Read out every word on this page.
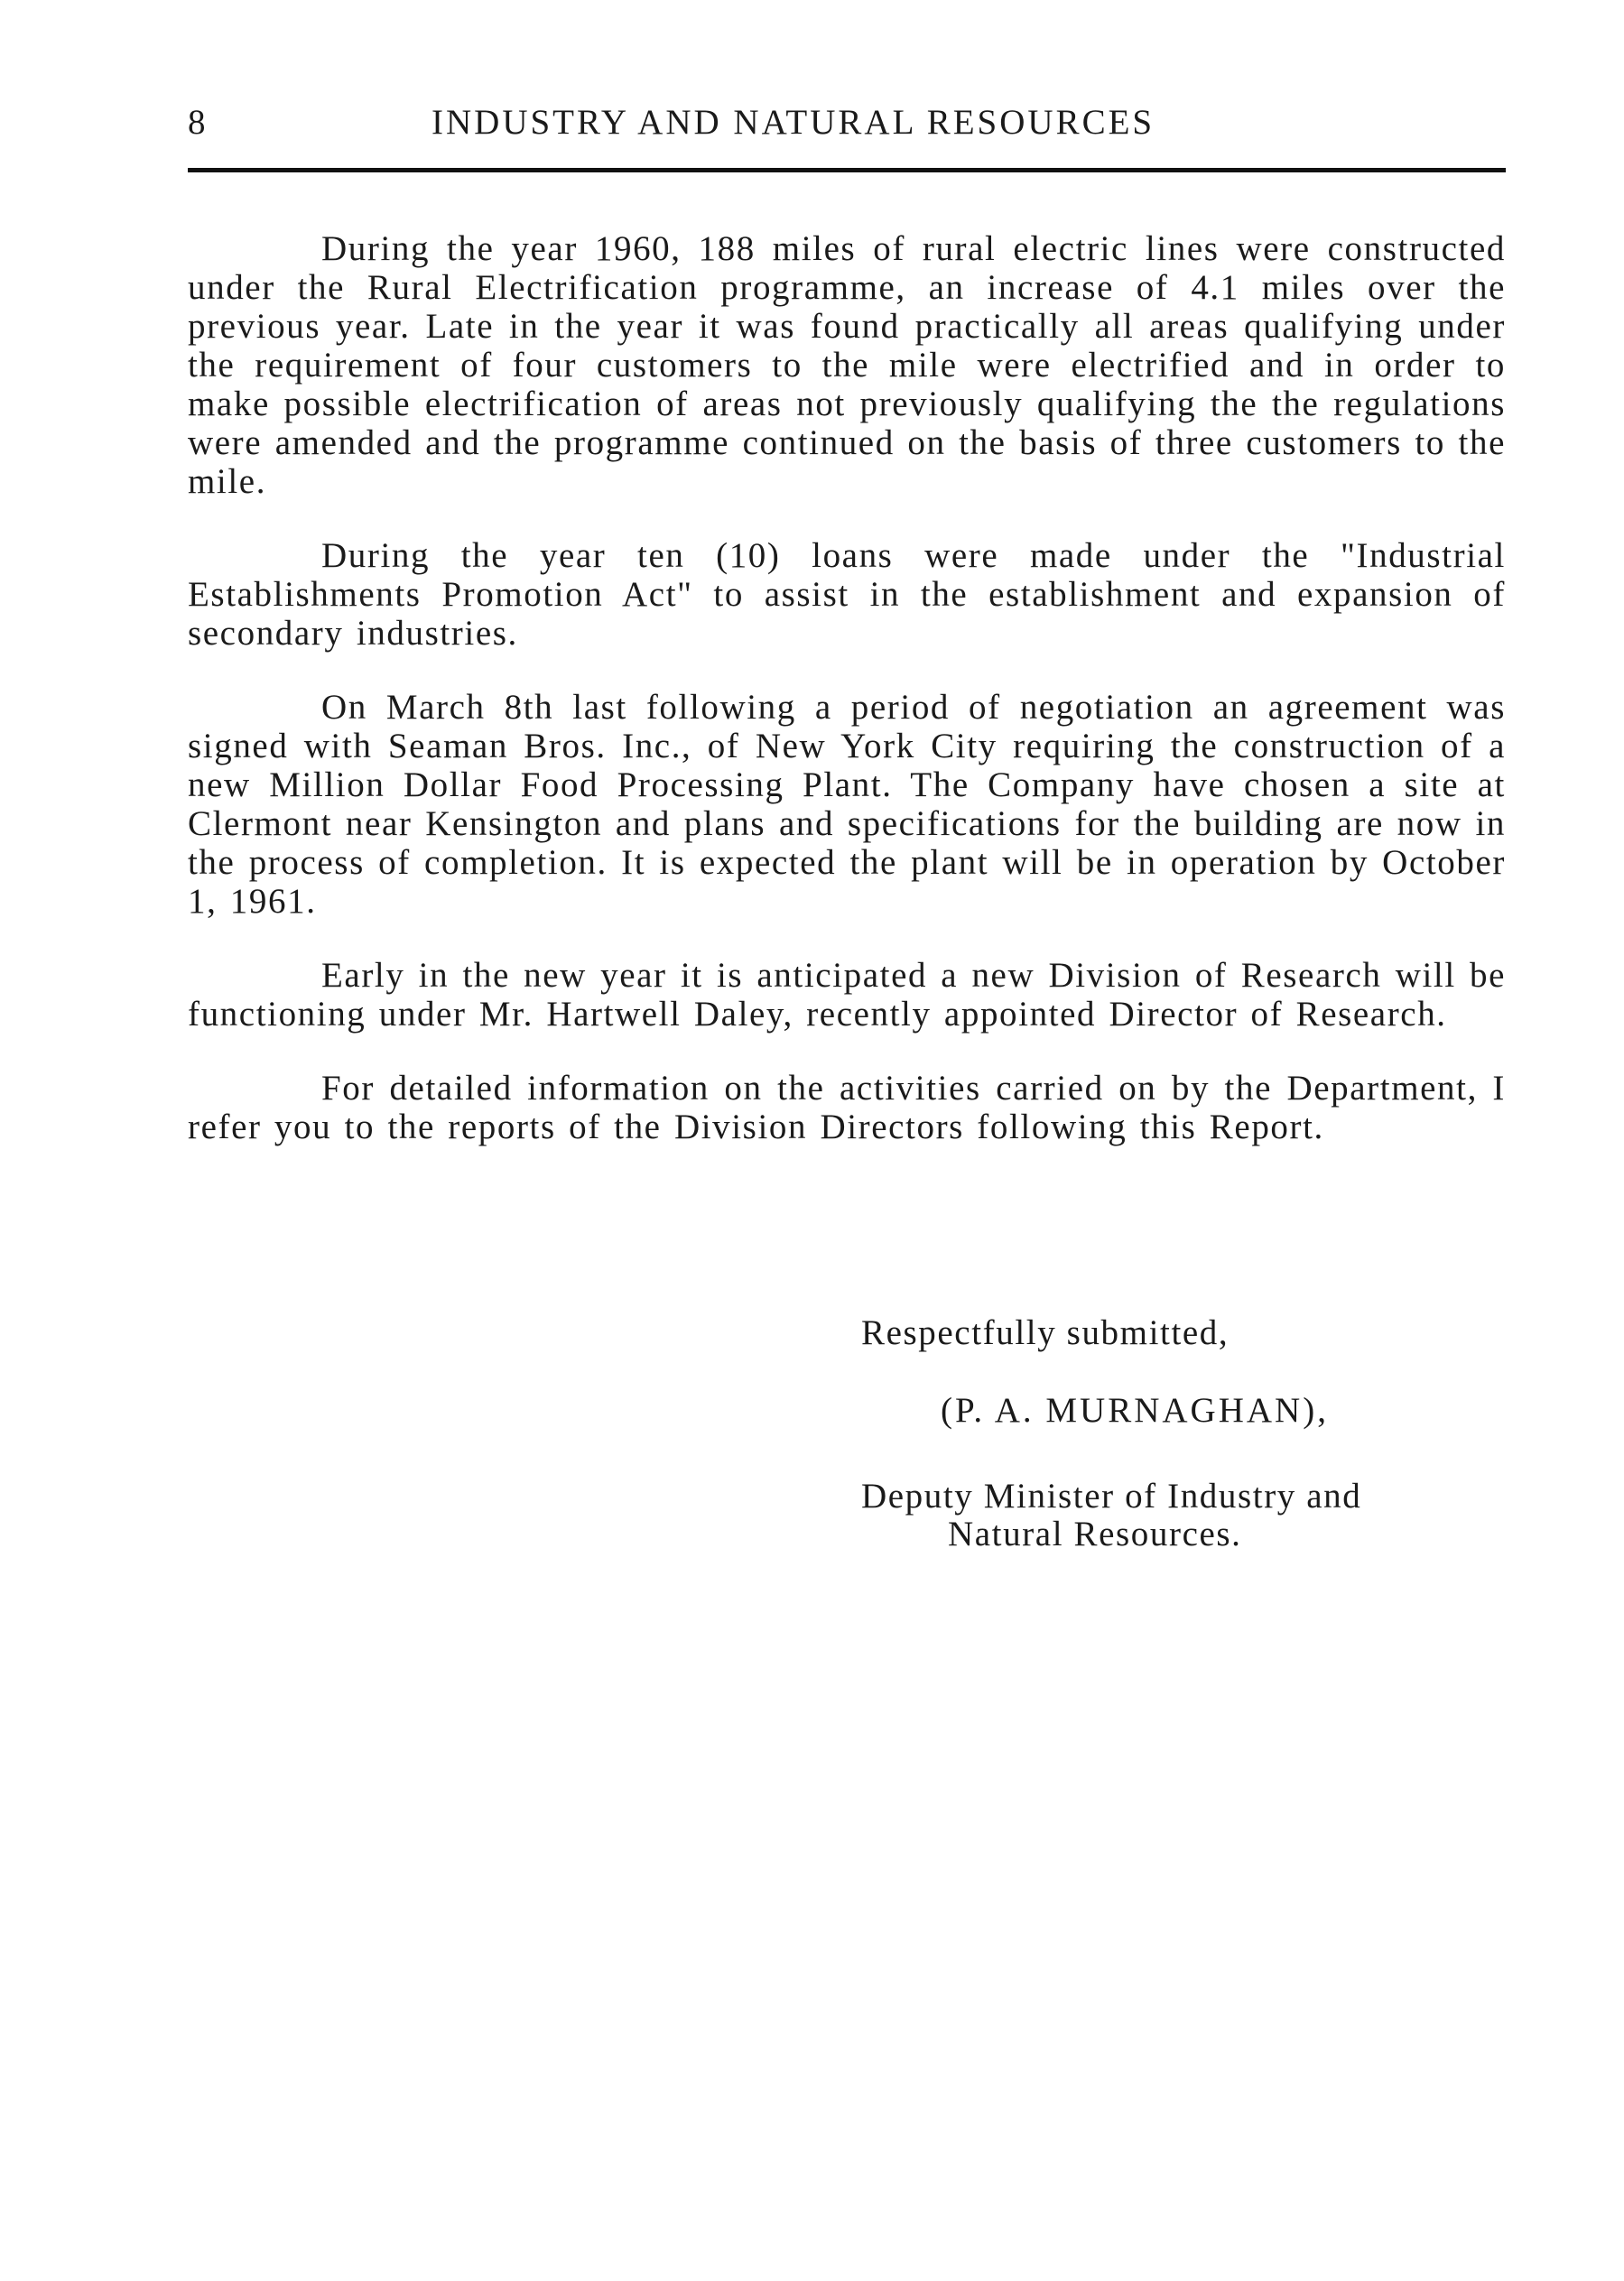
8	INDUSTRY AND NATURAL RESOURCES

During the year 1960, 188 miles of rural electric lines were constructed under the Rural Electrification programme, an increase of 4.1 miles over the previous year. Late in the year it was found practically all areas qualifying under the requirement of four customers to the mile were electrified and in order to make possible electrification of areas not previously qualifying the the regulations were amended and the programme continued on the basis of three customers to the mile.

During the year ten (10) loans were made under the "Industrial Establishments Promotion Act" to assist in the establishment and expansion of secondary industries.

On March 8th last following a period of negotiation an agreement was signed with Seaman Bros. Inc., of New York City requiring the construction of a new Million Dollar Food Processing Plant. The Company have chosen a site at Clermont near Kensington and plans and specifications for the building are now in the process of completion. It is expected the plant will be in operation by October 1, 1961.

Early in the new year it is anticipated a new Division of Research will be functioning under Mr. Hartwell Daley, recently appointed Director of Research.

For detailed information on the activities carried on by the Department, I refer you to the reports of the Division Directors following this Report.

Respectfully submitted,
(P. A. MURNAGHAN),
Deputy Minister of Industry and
Natural Resources.
